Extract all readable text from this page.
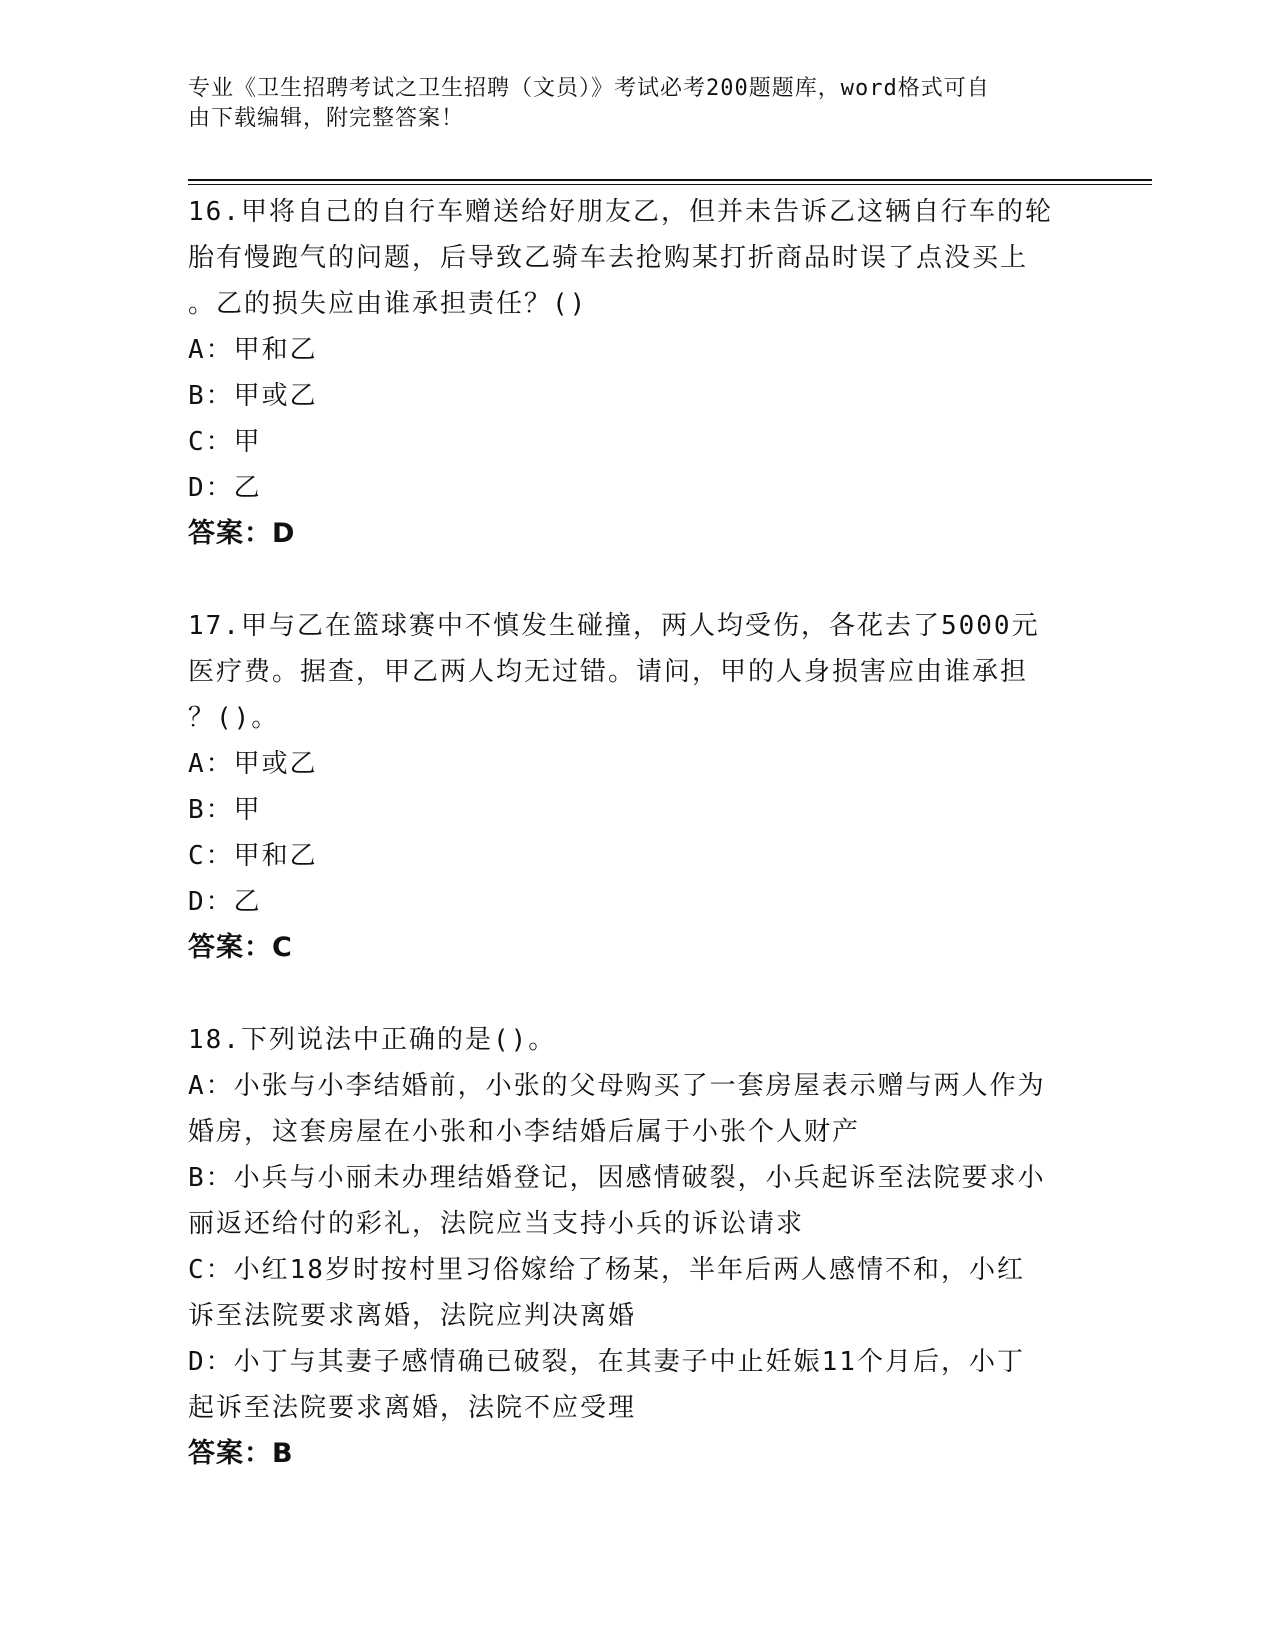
专业《卫生招聘考试之卫生招聘（文员）》考试必考200题题库，word格式可自
由下载编辑，附完整答案！
16.甲将自己的自行车赠送给好朋友乙，但并未告诉乙这辆自行车的轮
胎有慢跑气的问题，后导致乙骑车去抢购某打折商品时误了点没买上
。乙的损失应由谁承担责任？()
A：甲和乙
B：甲或乙
C：甲
D：乙
答案：D
17.甲与乙在篮球赛中不慎发生碰撞，两人均受伤，各花去了5000元
医疗费。据查，甲乙两人均无过错。请问，甲的人身损害应由谁承担
？()。
A：甲或乙
B：甲
C：甲和乙
D：乙
答案：C
18.下列说法中正确的是()。
A：小张与小李结婚前，小张的父母购买了一套房屋表示赠与两人作为
婚房，这套房屋在小张和小李结婚后属于小张个人财产
B：小兵与小丽未办理结婚登记，因感情破裂，小兵起诉至法院要求小
丽返还给付的彩礼，法院应当支持小兵的诉讼请求
C：小红18岁时按村里习俗嫁给了杨某，半年后两人感情不和，小红
诉至法院要求离婚，法院应判决离婚
D：小丁与其妻子感情确已破裂，在其妻子中止妊娠11个月后，小丁
起诉至法院要求离婚，法院不应受理
答案：B
